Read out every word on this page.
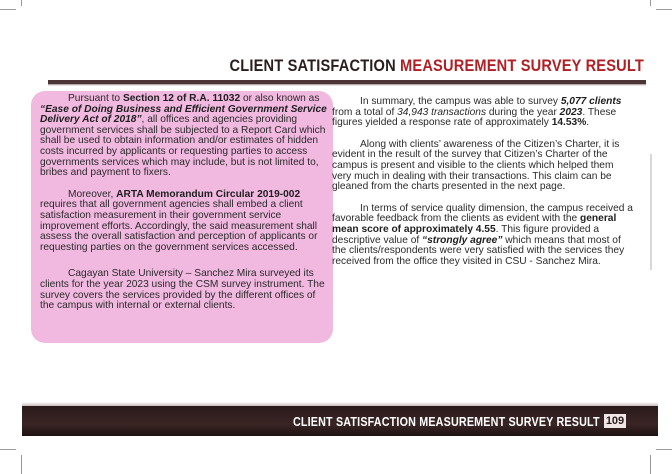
CLIENT SATISFACTION MEASUREMENT SURVEY RESULT

Pursuant to Section 12 of R.A. 11032 or also known as “Ease of Doing Business and Efficient Government Service Delivery Act of 2018”, all offices and agencies providing government services shall be subjected to a Report Card which shall be used to obtain information and/or estimates of hidden costs incurred by applicants or requesting parties to access governments services which may include, but is not limited to, bribes and payment to fixers.

Moreover, ARTA Memorandum Circular 2019-002 requires that all government agencies shall embed a client satisfaction measurement in their government service improvement efforts. Accordingly, the said measurement shall assess the overall satisfaction and perception of applicants or requesting parties on the government services accessed.

Cagayan State University – Sanchez Mira surveyed its clients for the year 2023 using the CSM survey instrument. The survey covers the services provided by the different offices of the campus with internal or external clients.

In summary, the campus was able to survey 5,077 clients from a total of 34,943 transactions during the year 2023. These figures yielded a response rate of approximately 14.53%.

Along with clients’ awareness of the Citizen’s Charter, it is evident in the result of the survey that Citizen’s Charter of the campus is present and visible to the clients which helped them very much in dealing with their transactions. This claim can be gleaned from the charts presented in the next page.

In terms of service quality dimension, the campus received a favorable feedback from the clients as evident with the general mean score of approximately 4.55. This figure provided a descriptive value of “strongly agree” which means that most of the clients/respondents were very satisfied with the services they received from the office they visited in CSU - Sanchez Mira.

CLIENT SATISFACTION MEASUREMENT SURVEY RESULT 109
